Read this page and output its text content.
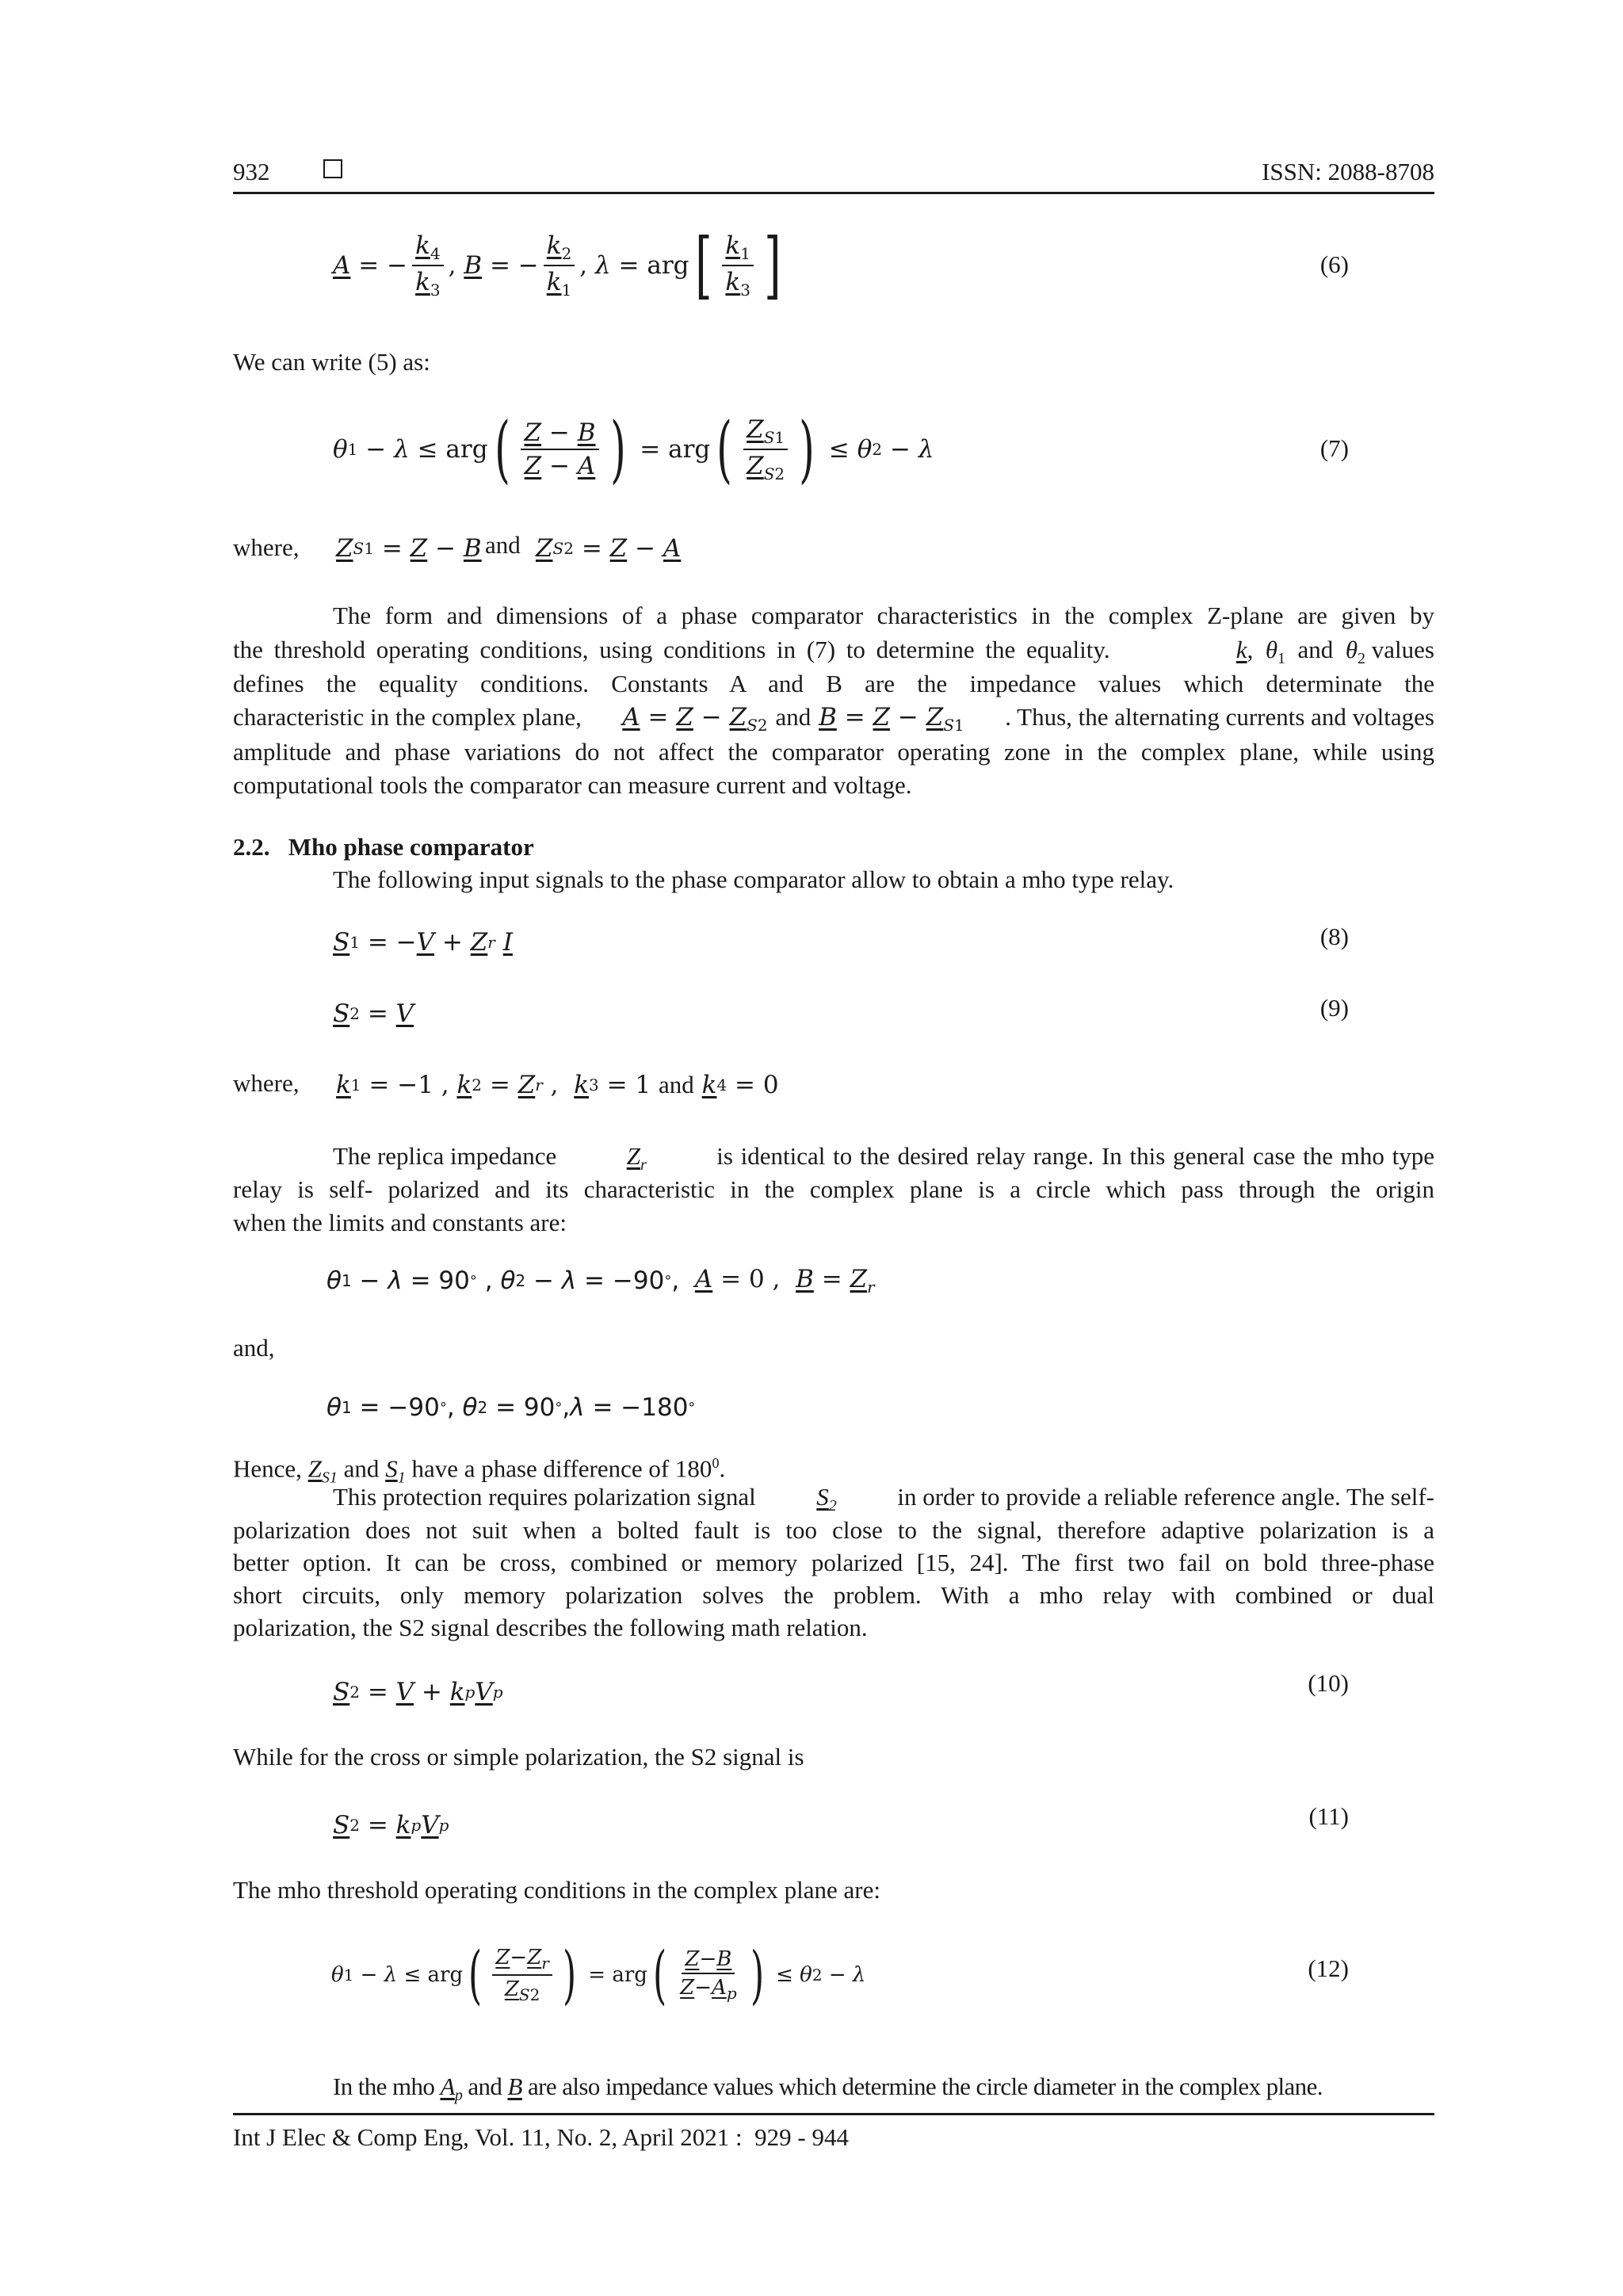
932	ISSN: 2088-8708
A = − $\frac{k_4}{k_3}$ , B = − $\frac{k_2}{k_1}$ , λ = arg [ $\frac{k_1}{k_3}$ ]	(6)
We can write (5) as:
θ 1 − λ ≤ arg ( $\frac{Z - B}{Z - A}$ ) = arg ( $\frac{Z_{S1}}{Z_{S2}}$ ) ≤ θ 2 − λ	(7)
where, Z S1 = Z − B and Z S2 = Z − A
The form and dimensions of a phase comparator characteristics in the complex Z-plane are given by
the threshold operating conditions, using conditions in (7) to determine the equality.	k,  $\theta_1$  and  $\theta_2$ values
defines the equality conditions. Constants A and B are the impedance values which determinate the
characteristic in the complex plane, $A = Z - Z_{S2}$ and $B = Z - Z_{S1}$ . Thus, the alternating currents and voltages
amplitude and phase variations do not affect the comparator operating zone in the complex plane, while using
computational tools the comparator can measure current and voltage.
2.2.   Mho phase comparator
The following input signals to the phase comparator allow to obtain a mho type relay.
S 1 = − V + Z r
I	(8)
S 2 = V	(9)
where, k 1 = −1 , k 2 = Z r , k 3 = 1 and
k 4 = 0
The replica impedance	$Z_r$	is identical to the desired relay range. In this general case the mho type
relay is self- polarized and its characteristic in the complex plane is a circle which pass through the origin
when the limits and constants are:
θ 1 − λ = 90 ° , θ 2 − λ = −90 ° , A = 0 ,  $B = Z_r$
and,
θ 1 = −90 ° , θ 2 = 90 ° , λ = −180 °
Hence, $Z_{S1}$ and $S_1$ have a phase difference of $180^0$.
This protection requires polarization signal $S_2$ in order to provide a reliable reference angle. The self-
polarization does not suit when a bolted fault is too close to the signal, therefore adaptive polarization is a
better option. It can be cross, combined or memory polarized [15, 24]. The first two fail on bold three-phase
short circuits, only memory polarization solves the problem. With a mho relay with combined or dual
polarization, the S2 signal describes the following math relation.
S 2 = V + k p V p	(10)
While for the cross or simple polarization, the S2 signal is
S 2 = k p V p	(11)
The mho threshold operating conditions in the complex plane are:
θ 1 − λ ≤ arg ( $\frac{Z-Z_r}{Z_{S2}}$ ) = arg ( $\frac{Z-B}{Z-A_p}$ ) ≤ θ 2 − λ	(12)
In the mho $A_p$ and B are also impedance values which determine the circle diameter in the complex plane.
Int J Elec & Comp Eng, Vol. 11, No. 2, April 2021 :  929 - 944
